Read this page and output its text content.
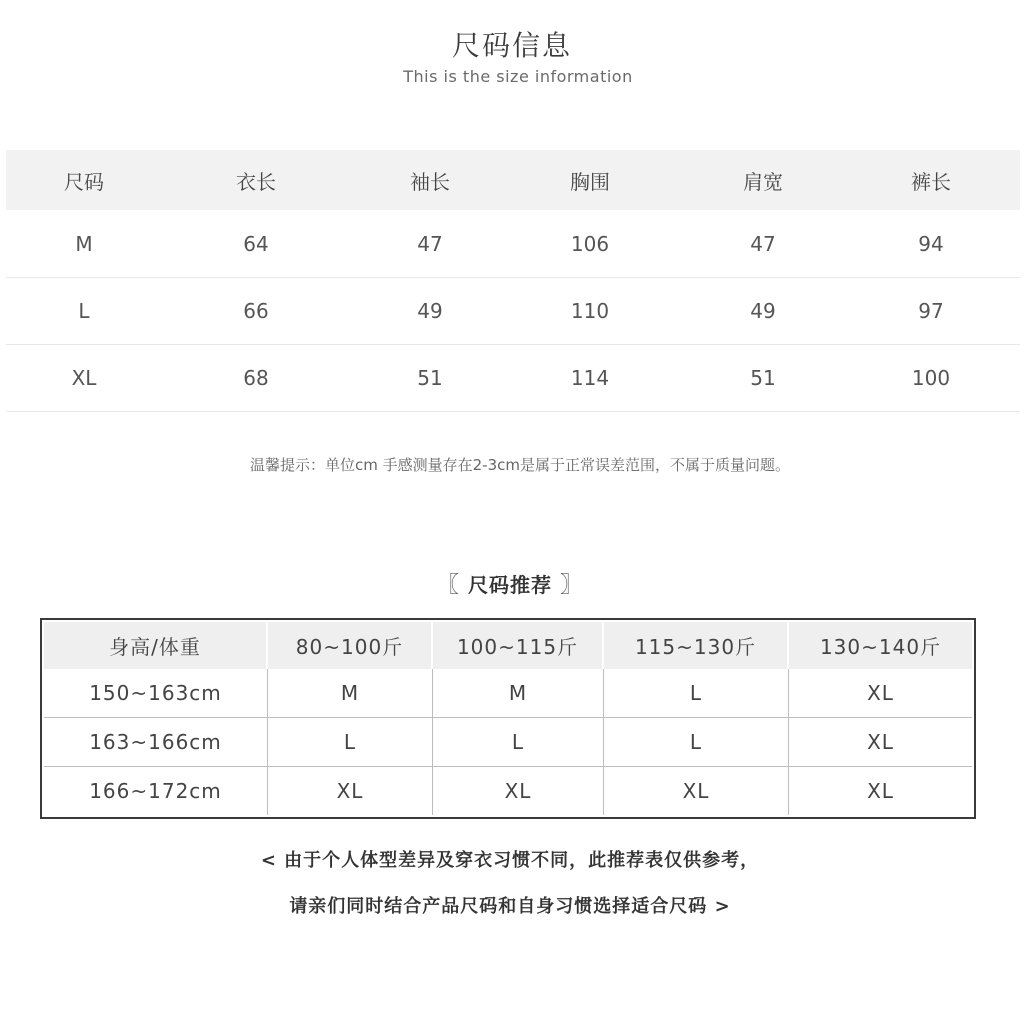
尺码信息
This is the size information
尺码	衣长	袖长	胸围	肩宽	裤长
M	64	47	106	47	94
L	66	49	110	49	97
XL	68	51	114	51	100
温馨提示：单位cm 手感测量存在2-3cm是属于正常误差范围，不属于质量问题。
〖 尺码推荐 〗
身高/体重	80~100斤	100~115斤	115~130斤	130~140斤
150~163cm	M	M	L	XL
163~166cm	L	L	L	XL
166~172cm	XL	XL	XL	XL
< 由于个人体型差异及穿衣习惯不同，此推荐表仅供参考，
请亲们同时结合产品尺码和自身习惯选择适合尺码 >
